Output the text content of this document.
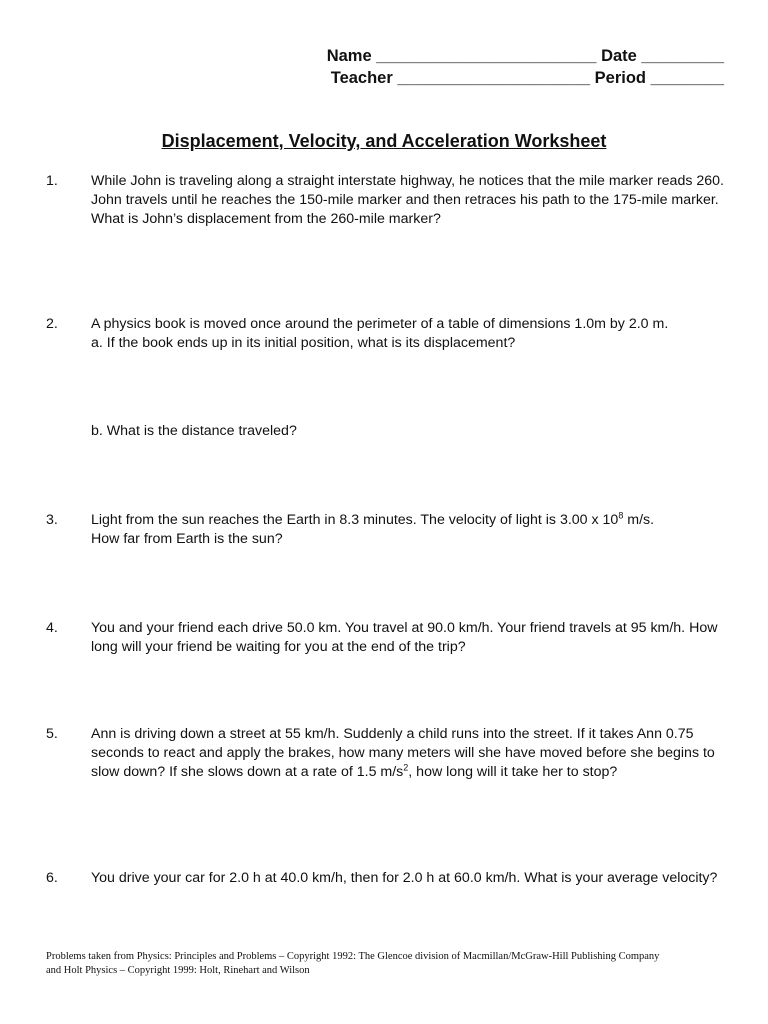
Name ________________________ Date _________
Teacher _____________________ Period ________
Displacement, Velocity, and Acceleration Worksheet
1. While John is traveling along a straight interstate highway, he notices that the mile marker reads 260. John travels until he reaches the 150-mile marker and then retraces his path to the 175-mile marker. What is John’s displacement from the 260-mile marker?
2. A physics book is moved once around the perimeter of a table of dimensions 1.0m by 2.0 m.

a. If the book ends up in its initial position, what is its displacement?

b. What is the distance traveled?
3. Light from the sun reaches the Earth in 8.3 minutes. The velocity of light is 3.00 x $10^8$ m/s.

How far from Earth is the sun?

4. You and your friend each drive 50.0 km. You travel at 90.0 km/h. Your friend travels at 95 km/h. How long will your friend be waiting for you at the end of the trip?
5. Ann is driving down a street at 55 km/h. Suddenly a child runs into the street. If it takes Ann 0.75 seconds to react and apply the brakes, how many meters will she have moved before she begins to slow down? If she slows down at a rate of 1.5 $m/s^2$, how long will it take her to stop?
6. You drive your car for 2.0 h at 40.0 km/h, then for 2.0 h at 60.0 km/h. What is your average velocity?
Problems taken from Physics: Principles and Problems – Copyright 1992: The Glencoe division of Macmillan/McGraw-Hill Publishing Company
and Holt Physics – Copyright 1999: Holt, Rinehart and Wilson
